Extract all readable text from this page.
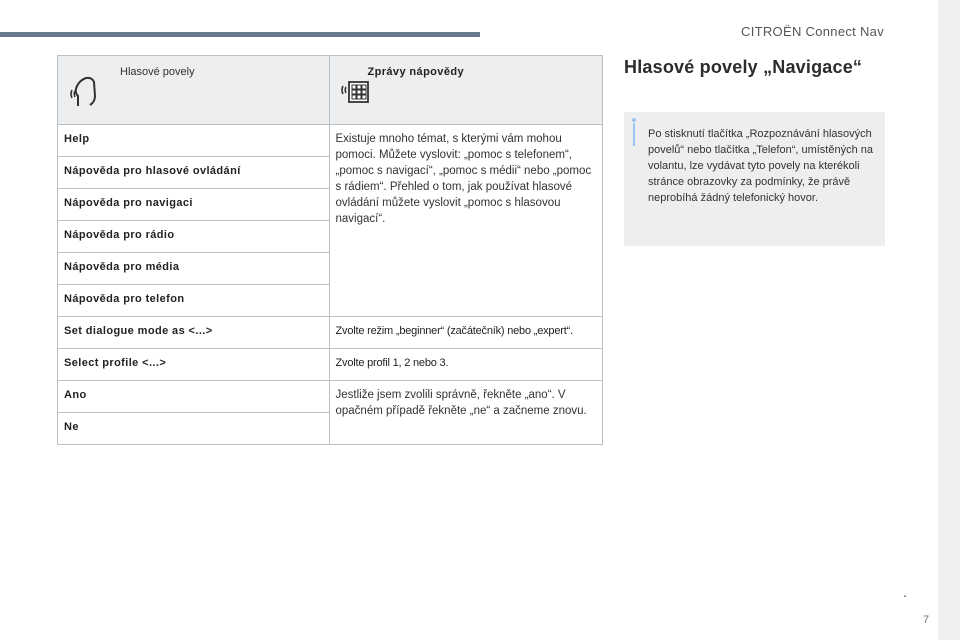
CITROËN Connect Nav
Hlasové povely	Zprávy nápovědy

Help	Existuje mnoho témat, s kterými vám mohou pomoci. Můžete vyslovit: „pomoc s telefonem“, „pomoc s navigací“, „pomoc s médii“ nebo „pomoc s rádiem“. Přehled o tom, jak používat hlasové ovládání můžete vyslovit „pomoc s hlasovou navigací“.
Nápověda pro hlasové ovládání	
Nápověda pro navigaci	
Nápověda pro rádio	
Nápověda pro média	
Nápověda pro telefon	
Set dialogue mode as <...>	Zvolte režim „beginner“ (začátečník) nebo „expert“.
Select profile <...>	Zvolte profil 1, 2 nebo 3.
Ano	Jestliže jsem zvolili správně, řekněte „ano“. V opačném případě řekněte „ne“ a začneme znovu.
Ne	
Hlasové povely „Navigace“
Po stisknutí tlačítka „Rozpoznávání hlasových povelů“ nebo tlačítka „Telefon“, umístěných na volantu, lze vydávat tyto povely na kterékoli stránce obrazovky za podmínky, že právě neprobíhá žádný telefonický hovor.
.
7
